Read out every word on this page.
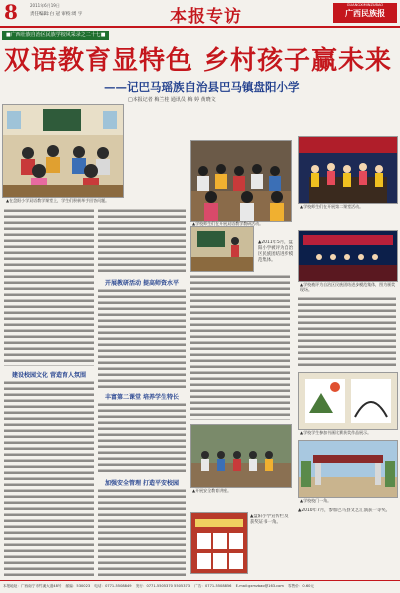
8	2011年6月19日
责任编辑:白 冠 审校:周 宇	本报专访
GUANGXIMINZUBAO
广西民族报
■广西壮族自治区民族学校风采录之二十七■
双语教育显特色 乡村孩子赢未来
——记巴马瑶族自治县巴马镇盘阳小学
□本报记者 梅兰桂 通讯员 梅 婷 黄晓文
▲在盘阳小学双语教学课堂上，学生们积极举手回答问题。
▲学校师生们在开展双语教学教研活动。
▲学校师生们在开展第二课堂活动。
▲学校被评为自治区民族团结进步模范集体，图为颁奖现场。
▲2011年5月，盘阳小学被评为自治区民族团结进步模范集体。
▲学校学生参加书画比赛获奖作品展示。
▲学校校门一角。
▲开展安全教育讲座。
▲盘阳小学宣传栏及获奖证书一角。
▲2010年7月，参加巴马县文艺汇演获一等奖。
建设校园文化 营造育人氛围
开展教研活动 提高师资水平
丰富第二课堂 培养学生特长
加强安全管理 打造平安校园
本报地址：广西南宁市竹溪大道48号 邮编：530023 电话：0771-5508849 发行：0771-5505370 5505373 广告：0771-5508856 E-mail:gxmzbao@163.com 零售价：0.60元
